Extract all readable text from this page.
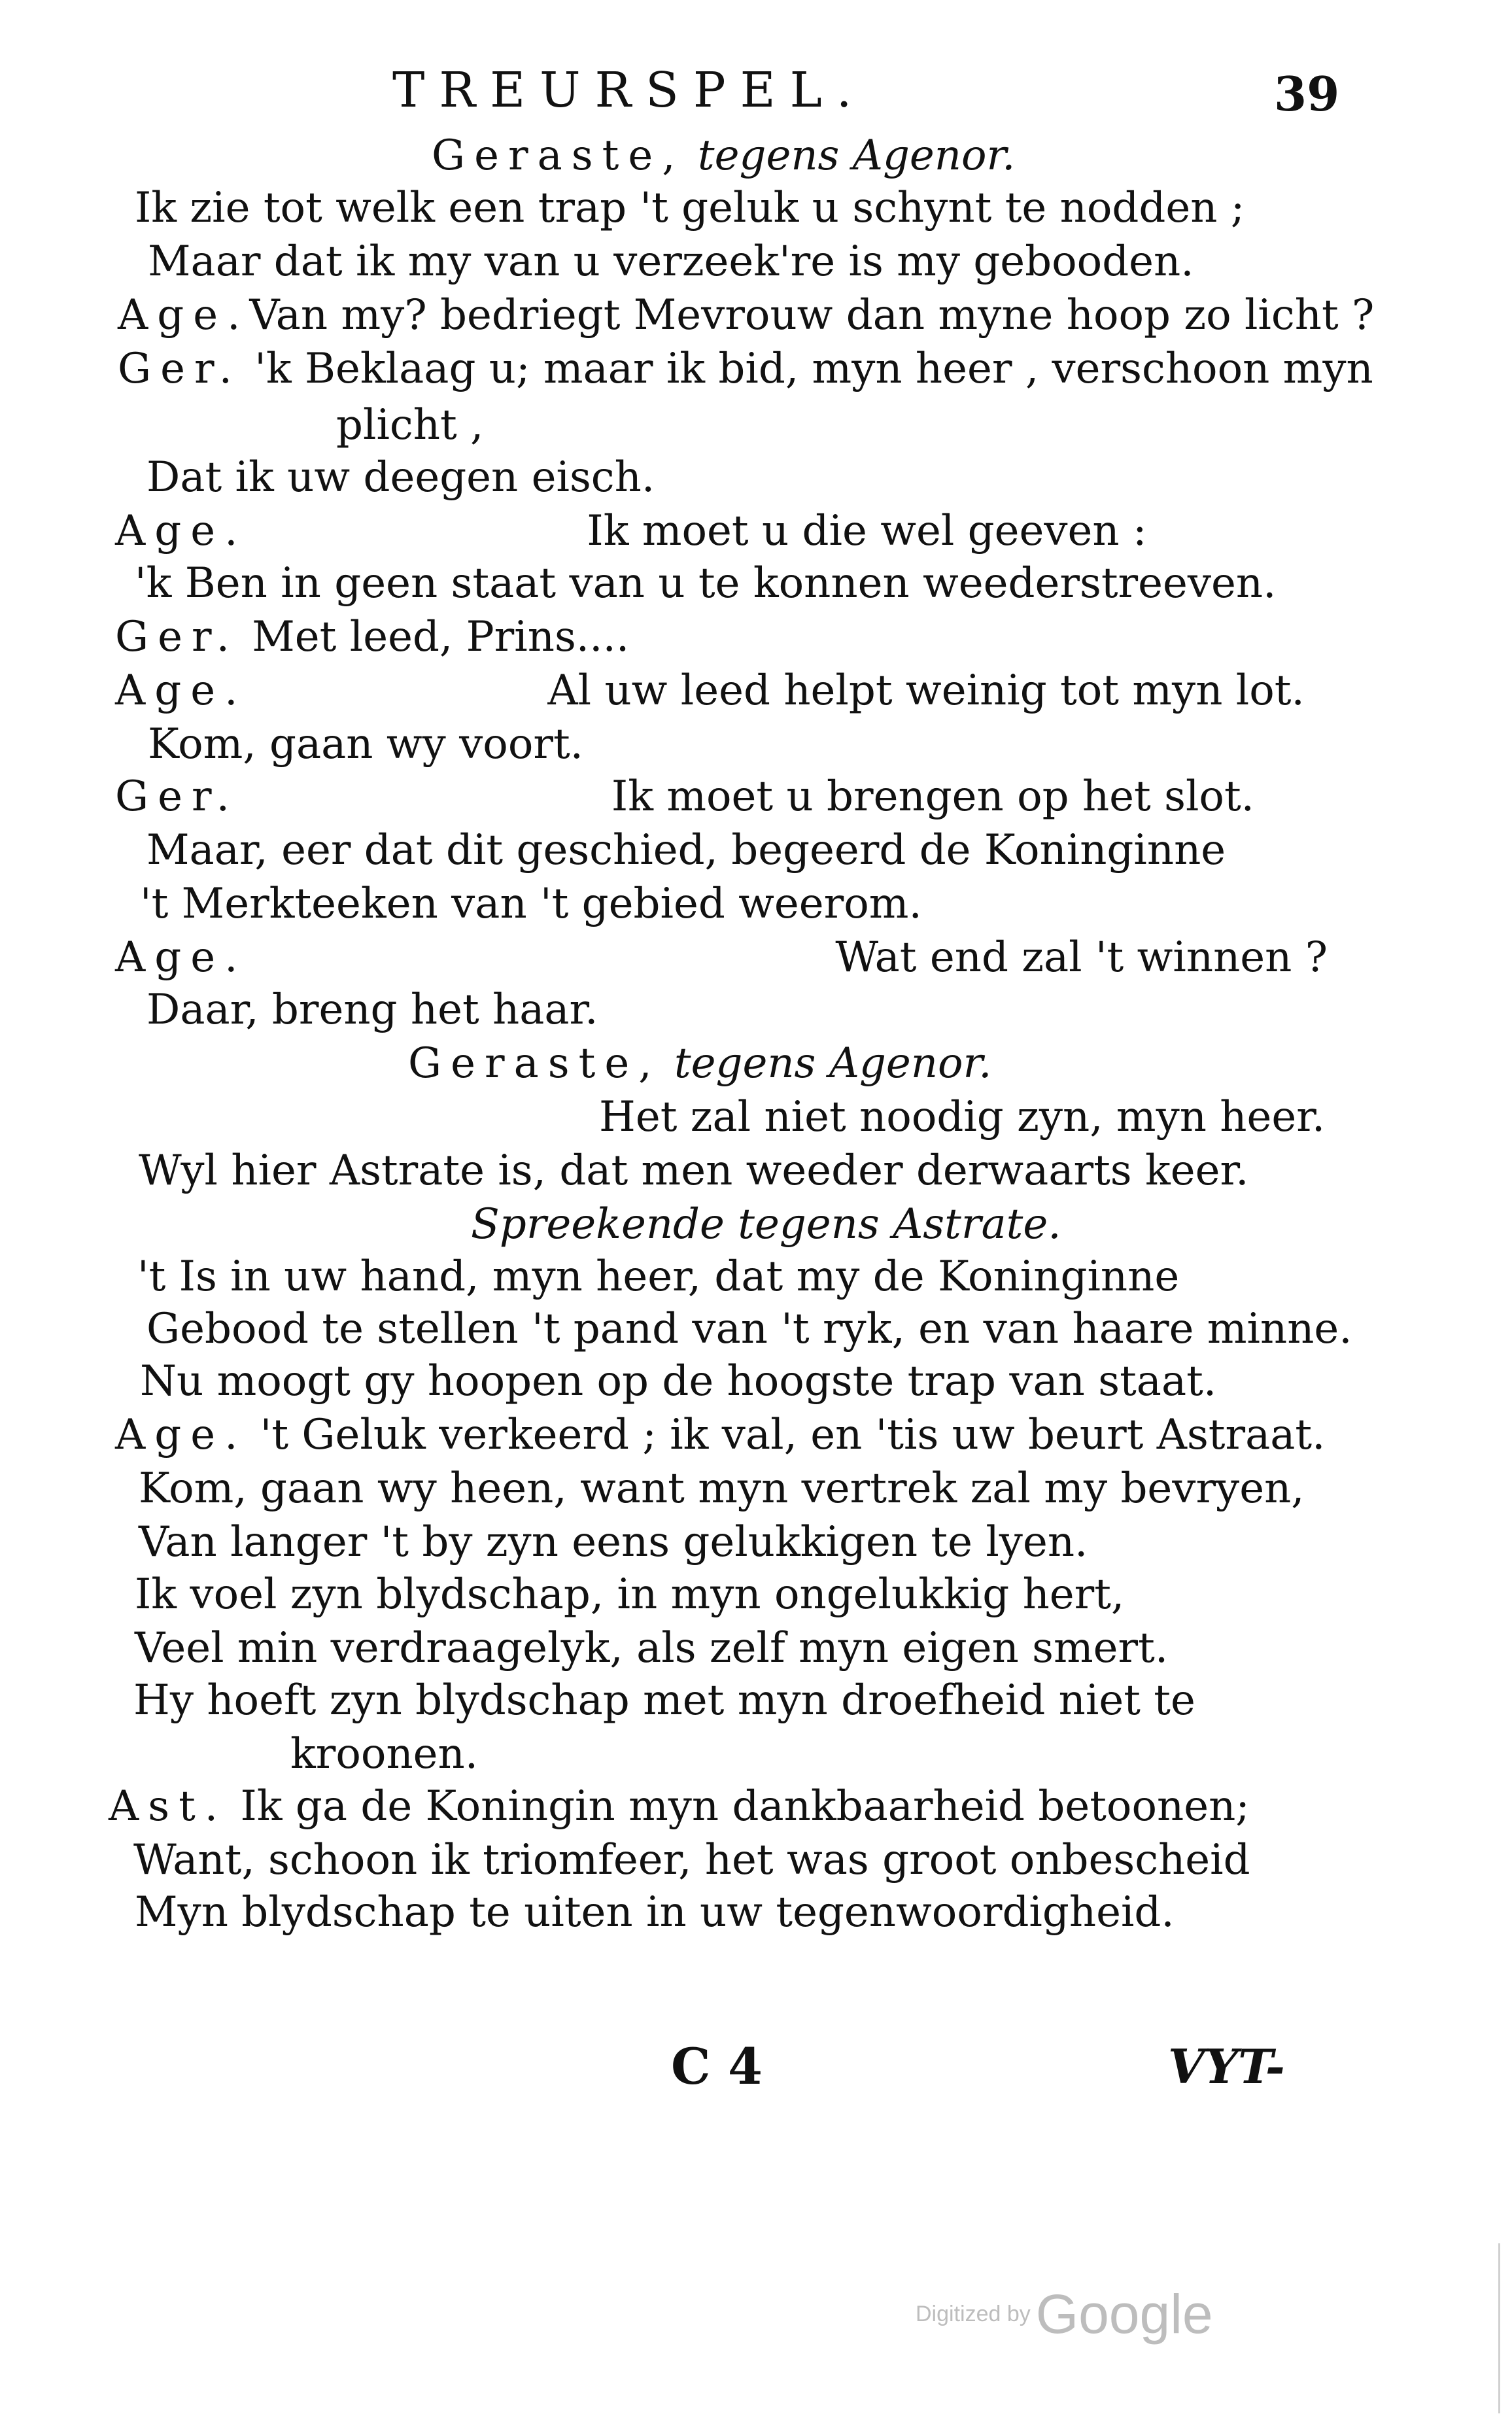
TREURSPEL.	39
Geraste, tegens Agenor.
Ik zie tot welk een trap 't geluk u schynt te nodden ;
Maar dat ik my van u verzeek're is my gebooden.
Age.Van my? bedriegt Mevrouw dan myne hoop zo licht ?
Ger. 'k Beklaag u; maar ik bid, myn heer , verschoon myn
plicht ,
Dat ik uw deegen eisch.
Age.	Ik moet u die wel geeven :
'k Ben in geen staat van u te konnen weederstreeven.
Ger. Met leed, Prins....
Age.	Al uw leed helpt weinig tot myn lot.
Kom, gaan wy voort.
Ger.	Ik moet u brengen op het slot.
Maar, eer dat dit geschied, begeerd de Koninginne
't Merkteeken van 't gebied weerom.
Age.	Wat end zal 't winnen ?
Daar, breng het haar.
Geraste, tegens Agenor.
Het zal niet noodig zyn, myn heer.
Wyl hier Astrate is, dat men weeder derwaarts keer.
Spreekende tegens Astrate.
't Is in uw hand, myn heer, dat my de Koninginne
Gebood te stellen 't pand van 't ryk, en van haare minne.
Nu moogt gy hoopen op de hoogste trap van staat.
Age. 't Geluk verkeerd ; ik val, en 'tis uw beurt Astraat.
Kom, gaan wy heen, want myn vertrek zal my bevryen,
Van langer 't by zyn eens gelukkigen te lyen.
Ik voel zyn blydschap, in myn ongelukkig hert,
Veel min verdraagelyk, als zelf myn eigen smert.
Hy hoeft zyn blydschap met myn droefheid niet te
kroonen.
Ast. Ik ga de Koningin myn dankbaarheid betoonen;
Want, schoon ik triomfeer, het was groot onbescheid
Myn blydschap te uiten in uw tegenwoordigheid.
C 4	VYT-
Digitized byGoogle
